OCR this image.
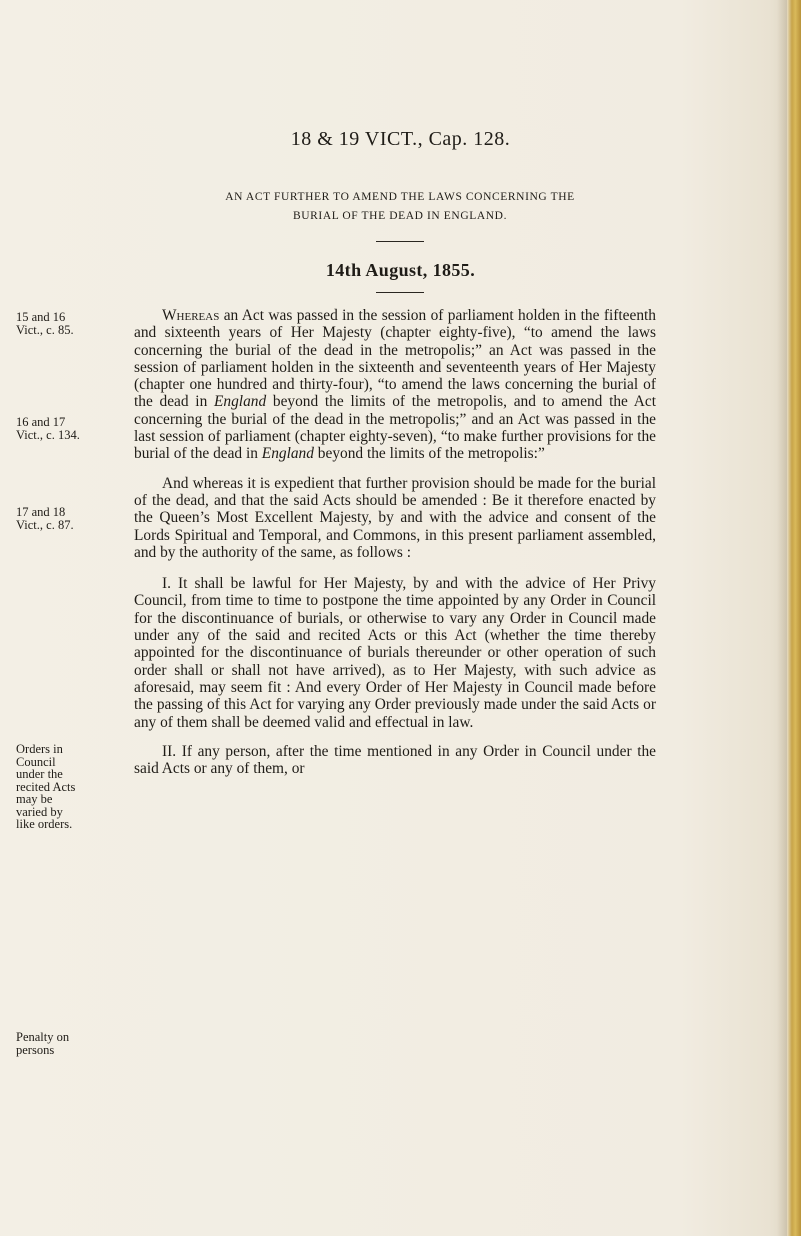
18 & 19 VICT., Cap. 128.
AN ACT FURTHER TO AMEND THE LAWS CONCERNING THE
BURIAL OF THE DEAD IN ENGLAND.
14th August, 1855.
15 and 16
Vict., c. 85.
16 and 17
Vict., c. 134.
17 and 18
Vict., c. 87.
Orders in
Council
under the
recited Acts
may be
varied by
like orders.
Penalty on
persons

Whereas an Act was passed in the session of parliament holden in the fifteenth and sixteenth years of Her Majesty (chapter eighty-five), “to amend the laws concerning the burial of the dead in the metropolis;” an Act was passed in the session of parliament holden in the sixteenth and seventeenth years of Her Majesty (chapter one hundred and thirty-four), “to amend the laws concerning the burial of the dead in England beyond the limits of the metropolis, and to amend the Act concerning the burial of the dead in the metropolis;” and an Act was passed in the last session of parliament (chapter eighty-seven), “to make further provisions for the burial of the dead in England beyond the limits of the metropolis:”

And whereas it is expedient that further provision should be made for the burial of the dead, and that the said Acts should be amended : Be it therefore enacted by the Queen’s Most Excellent Majesty, by and with the advice and consent of the Lords Spiritual and Temporal, and Commons, in this present parliament assembled, and by the authority of the same, as follows :

I. It shall be lawful for Her Majesty, by and with the advice of Her Privy Council, from time to time to postpone the time appointed by any Order in Council for the discontinuance of burials, or otherwise to vary any Order in Council made under any of the said and recited Acts or this Act (whether the time thereby appointed for the discontinuance of burials thereunder or other operation of such order shall or shall not have arrived), as to Her Majesty, with such advice as aforesaid, may seem fit : And every Order of Her Majesty in Council made before the passing of this Act for varying any Order previously made under the said Acts or any of them shall be deemed valid and effectual in law.

II. If any person, after the time mentioned in any Order in Council under the said Acts or any of them, or
